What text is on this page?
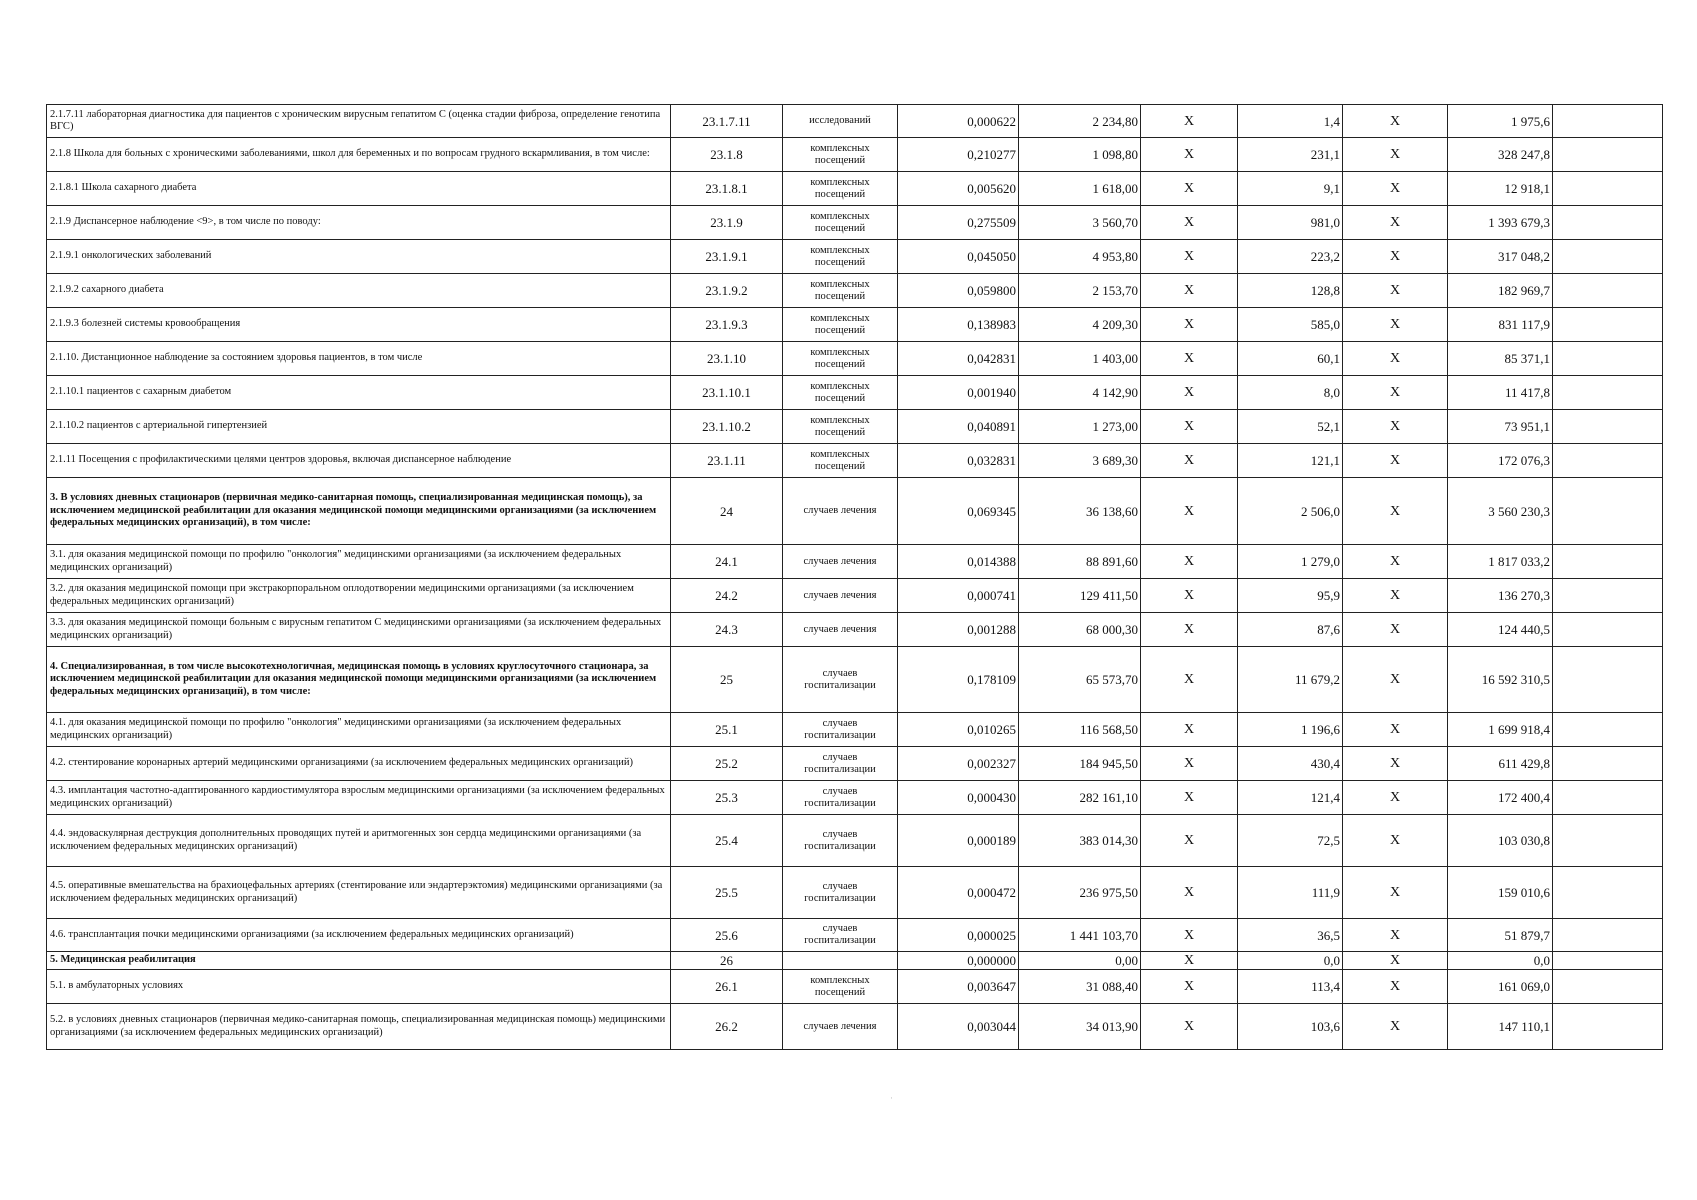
2.1.7.11 лабораторная диагностика для пациентов с хроническим вирусным гепатитом С (оценка стадии фиброза, определение генотипа ВГС)	23.1.7.11	исследований	0,000622	2 234,80	Х	1,4	Х	1 975,6	
2.1.8 Школа для больных с хроническими заболеваниями, школ для беременных и по вопросам грудного вскармливания, в том числе:	23.1.8	комплексных посещений	0,210277	1 098,80	Х	231,1	Х	328 247,8	
2.1.8.1 Школа сахарного диабета	23.1.8.1	комплексных посещений	0,005620	1 618,00	Х	9,1	Х	12 918,1	
2.1.9 Диспансерное наблюдение <9>, в том числе по поводу:	23.1.9	комплексных посещений	0,275509	3 560,70	Х	981,0	Х	1 393 679,3	
2.1.9.1 онкологических заболеваний	23.1.9.1	комплексных посещений	0,045050	4 953,80	Х	223,2	Х	317 048,2	
2.1.9.2 сахарного диабета	23.1.9.2	комплексных посещений	0,059800	2 153,70	Х	128,8	Х	182 969,7	
2.1.9.3 болезней системы кровообращения	23.1.9.3	комплексных посещений	0,138983	4 209,30	Х	585,0	Х	831 117,9	
2.1.10. Дистанционное наблюдение за состоянием здоровья пациентов, в том числе	23.1.10	комплексных посещений	0,042831	1 403,00	Х	60,1	Х	85 371,1	
2.1.10.1 пациентов с сахарным диабетом	23.1.10.1	комплексных посещений	0,001940	4 142,90	Х	8,0	Х	11 417,8	
2.1.10.2 пациентов с артериальной гипертензией	23.1.10.2	комплексных посещений	0,040891	1 273,00	Х	52,1	Х	73 951,1	
2.1.11 Посещения с профилактическими целями центров здоровья, включая диспансерное наблюдение	23.1.11	комплексных посещений	0,032831	3 689,30	Х	121,1	Х	172 076,3	
3. В условиях дневных стационаров (первичная медико-санитарная помощь, специализированная медицинская помощь), за исключением медицинской реабилитации для оказания медицинской помощи медицинскими организациями (за исключением федеральных медицинских организаций), в том числе:	24	случаев лечения	0,069345	36 138,60	Х	2 506,0	Х	3 560 230,3	
3.1. для оказания медицинской помощи по профилю "онкология" медицинскими организациями (за исключением федеральных медицинских организаций)	24.1	случаев лечения	0,014388	88 891,60	Х	1 279,0	Х	1 817 033,2	
3.2. для оказания медицинской помощи при экстракорпоральном оплодотворении медицинскими организациями (за исключением федеральных медицинских организаций)	24.2	случаев лечения	0,000741	129 411,50	Х	95,9	Х	136 270,3	
3.3. для оказания медицинской помощи больным с вирусным гепатитом С медицинскими организациями (за исключением федеральных медицинских организаций)	24.3	случаев лечения	0,001288	68 000,30	Х	87,6	Х	124 440,5	
4. Специализированная, в том числе высокотехнологичная, медицинская помощь в условиях круглосуточного стационара, за исключением медицинской реабилитации для оказания медицинской помощи медицинскими организациями (за исключением федеральных медицинских организаций), в том числе:	25	случаев госпитализации	0,178109	65 573,70	Х	11 679,2	Х	16 592 310,5	
4.1. для оказания медицинской помощи по профилю "онкология" медицинскими организациями (за исключением федеральных медицинских организаций)	25.1	случаев госпитализации	0,010265	116 568,50	Х	1 196,6	Х	1 699 918,4	
4.2. стентирование коронарных артерий медицинскими организациями (за исключением федеральных медицинских организаций)	25.2	случаев госпитализации	0,002327	184 945,50	Х	430,4	Х	611 429,8	
4.3. имплантация частотно-адаптированного кардиостимулятора взрослым медицинскими организациями (за исключением федеральных медицинских организаций)	25.3	случаев госпитализации	0,000430	282 161,10	Х	121,4	Х	172 400,4	
4.4. эндоваскулярная деструкция дополнительных проводящих путей и аритмогенных зон сердца медицинскими организациями (за исключением федеральных медицинских организаций)	25.4	случаев госпитализации	0,000189	383 014,30	Х	72,5	Х	103 030,8	
4.5. оперативные вмешательства на брахиоцефальных артериях (стентирование или эндартерэктомия) медицинскими организациями (за исключением федеральных медицинских организаций)	25.5	случаев госпитализации	0,000472	236 975,50	Х	111,9	Х	159 010,6	
4.6. трансплантация почки медицинскими организациями (за исключением федеральных медицинских организаций)	25.6	случаев госпитализации	0,000025	1 441 103,70	Х	36,5	Х	51 879,7	
5. Медицинская реабилитация	26		0,000000	0,00	Х	0,0	Х	0,0	
5.1. в амбулаторных условиях	26.1	комплексных посещений	0,003647	31 088,40	Х	113,4	Х	161 069,0	
5.2. в условиях дневных стационаров (первичная медико-санитарная помощь, специализированная медицинская помощь) медицинскими организациями (за исключением федеральных медицинских организаций)	26.2	случаев лечения	0,003044	34 013,90	Х	103,6	Х	147 110,1	
·
